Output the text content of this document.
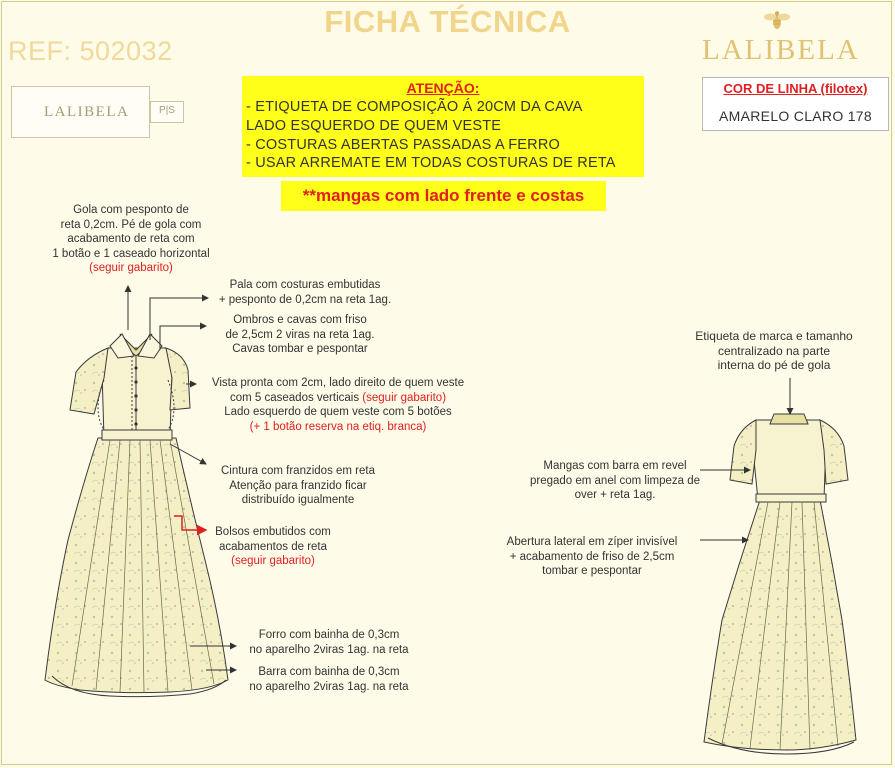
FICHA TÉCNICA
REF: 502032	LALIBELA
LALIBELA	P|S
ATENÇÃO:
- ETIQUETA DE COMPOSIÇÃO Á 20CM DA CAVA
LADO ESQUERDO DE QUEM VESTE
- COSTURAS ABERTAS PASSADAS A FERRO
- USAR ARREMATE EM TODAS COSTURAS DE RETA
**mangas com lado frente e costas
COR DE LINHA (filotex)
AMARELO CLARO 178
Gola com pesponto de
reta 0,2cm. Pé de gola com
acabamento de reta com
1 botão e 1 caseado horizontal
(seguir gabarito)
Pala com costuras embutidas
+ pesponto de 0,2cm na reta 1ag.
Ombros e cavas com friso
de 2,5cm 2 viras na reta 1ag.
Cavas tombar e pespontar
Vista pronta com 2cm, lado direito de quem veste
com 5 caseados verticais (seguir gabarito)
Lado esquerdo de quem veste com 5 botões
(+ 1 botão reserva na etiq. branca)
Cintura com franzidos em reta
Atenção para franzido ficar
distribuído igualmente
Bolsos embutidos com
acabamentos de reta
(seguir gabarito)
Forro com bainha de 0,3cm
no aparelho 2viras 1ag. na reta
Barra com bainha de 0,3cm
no aparelho 2viras 1ag. na reta
Etiqueta de marca e tamanho
centralizado na parte
interna do pé de gola
Mangas com barra em revel
pregado em anel com limpeza de
over + reta 1ag.
Abertura lateral em zíper invisível
+ acabamento de friso de 2,5cm
tombar e pespontar
